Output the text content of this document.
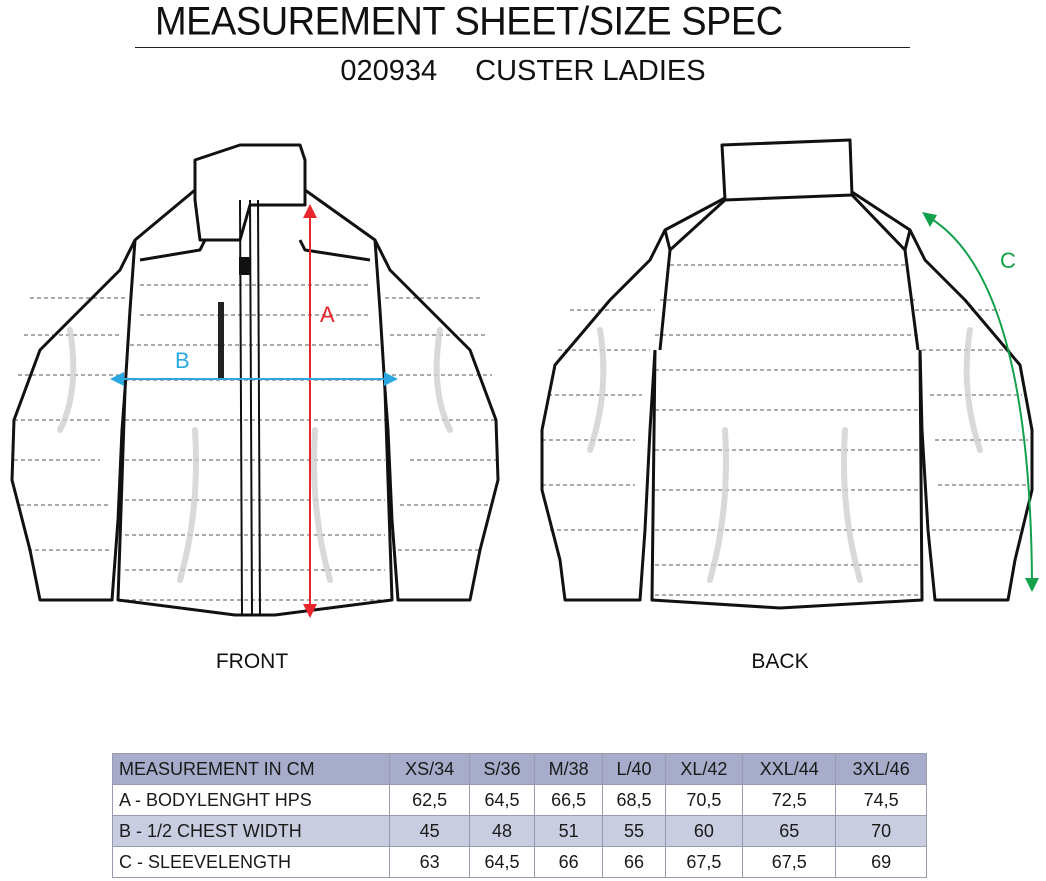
MEASUREMENT SHEET/SIZE SPEC
020934 CUSTER LADIES
A
B
FRONT
C
BACK
MEASUREMENT IN CM	XS/34	S/36	M/38	L/40	XL/42	XXL/44	3XL/46
A - BODYLENGHT HPS	62,5	64,5	66,5	68,5	70,5	72,5	74,5
B - 1/2 CHEST WIDTH	45	48	51	55	60	65	70
C - SLEEVELENGTH	63	64,5	66	66	67,5	67,5	69
